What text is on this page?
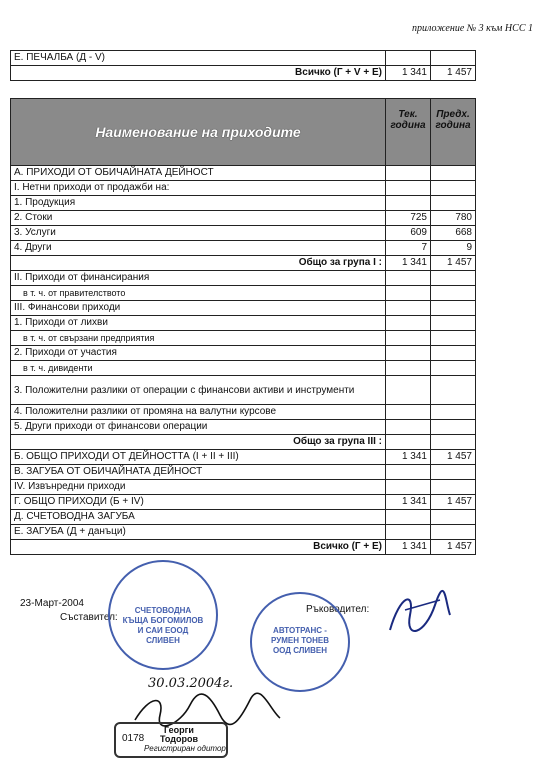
приложение № 3 към НСС 1
Е. ПЕЧАЛБА (Д - V)		
Всичко (Г + V + Е)	1 341	1 457
Наименование на приходите	Тек. година	Предх. година
А. ПРИХОДИ ОТ ОБИЧАЙНАТА ДЕЙНОСТ		
I. Нетни приходи от продажби на:		
1. Продукция		
2. Стоки	725	780
3. Услуги	609	668
4. Други	7	9
Общо за група I :	1 341	1 457
II. Приходи от финансирания		
в т. ч. от правителството		
III. Финансови приходи		
1. Приходи от лихви		
в т. ч. от свързани предприятия		
2. Приходи от участия		
в т. ч. дивиденти		
3. Положителни разлики от операции с финансови активи и инструменти		
4. Положителни разлики от промяна на валутни курсове		
5. Други приходи от финансови операции		
Общо за група III :		
Б. ОБЩО ПРИХОДИ ОТ ДЕЙНОСТТА (I + II + III)	1 341	1 457
В. ЗАГУБА ОТ ОБИЧАЙНАТА ДЕЙНОСТ		
IV. Извънредни приходи		
Г. ОБЩО ПРИХОДИ (Б + IV)	1 341	1 457
Д. СЧЕТОВОДНА ЗАГУБА		
Е. ЗАГУБА (Д + данъци)		
Всичко (Г + Е)	1 341	1 457
23-Март-2004
Съставител:
Ръководител:
СЧЕТОВОДНА КЪЩА БОГОМИЛОВ И САИ ЕООД СЛИВЕН
АВТОТРАНС - РУМЕН ТОНЕВ ООД СЛИВЕН
30.03.2004г.
0178
Георги
Тодоров
Регистриран одитор
